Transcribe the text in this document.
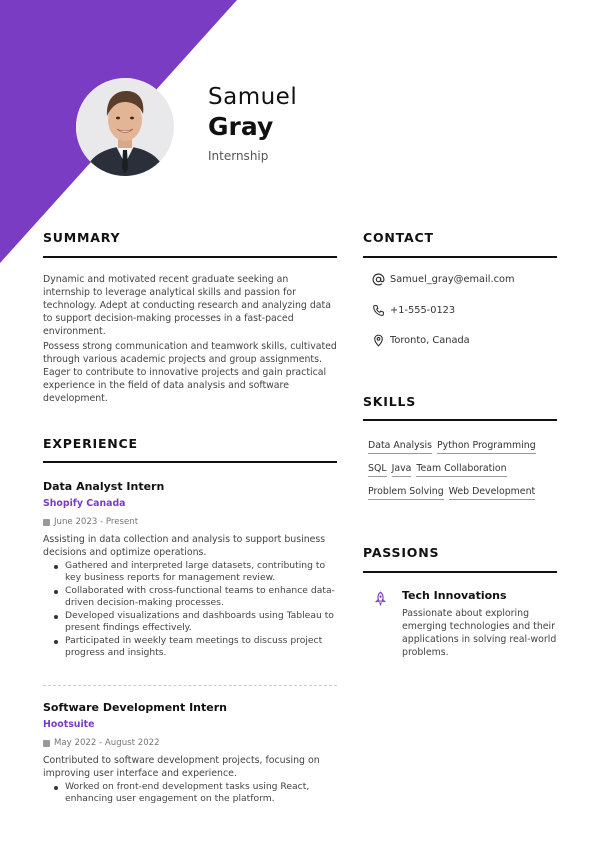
Samuel
Gray
Internship
SUMMARY
Dynamic and motivated recent graduate seeking an internship to leverage analytical skills and passion for technology. Adept at conducting research and analyzing data to support decision-making processes in a fast-paced environment.
Possess strong communication and teamwork skills, cultivated through various academic projects and group assignments. Eager to contribute to innovative projects and gain practical experience in the field of data analysis and software development.
EXPERIENCE
Data Analyst Intern
Shopify Canada
June 2023 - Present
Assisting in data collection and analysis to support business decisions and optimize operations.
Gathered and interpreted large datasets, contributing to key business reports for management review.
Collaborated with cross-functional teams to enhance data-driven decision-making processes.
Developed visualizations and dashboards using Tableau to present findings effectively.
Participated in weekly team meetings to discuss project progress and insights.
Software Development Intern
Hootsuite
May 2022 - August 2022
Contributed to software development projects, focusing on improving user interface and experience.
Worked on front-end development tasks using React, enhancing user engagement on the platform.
CONTACT
Samuel_gray@email.com
+1-555-0123
Toronto, Canada
SKILLS
Data Analysis Python Programming
SQL Java Team Collaboration
Problem Solving Web Development
PASSIONS
Tech Innovations
Passionate about exploring emerging technologies and their applications in solving real-world problems.
